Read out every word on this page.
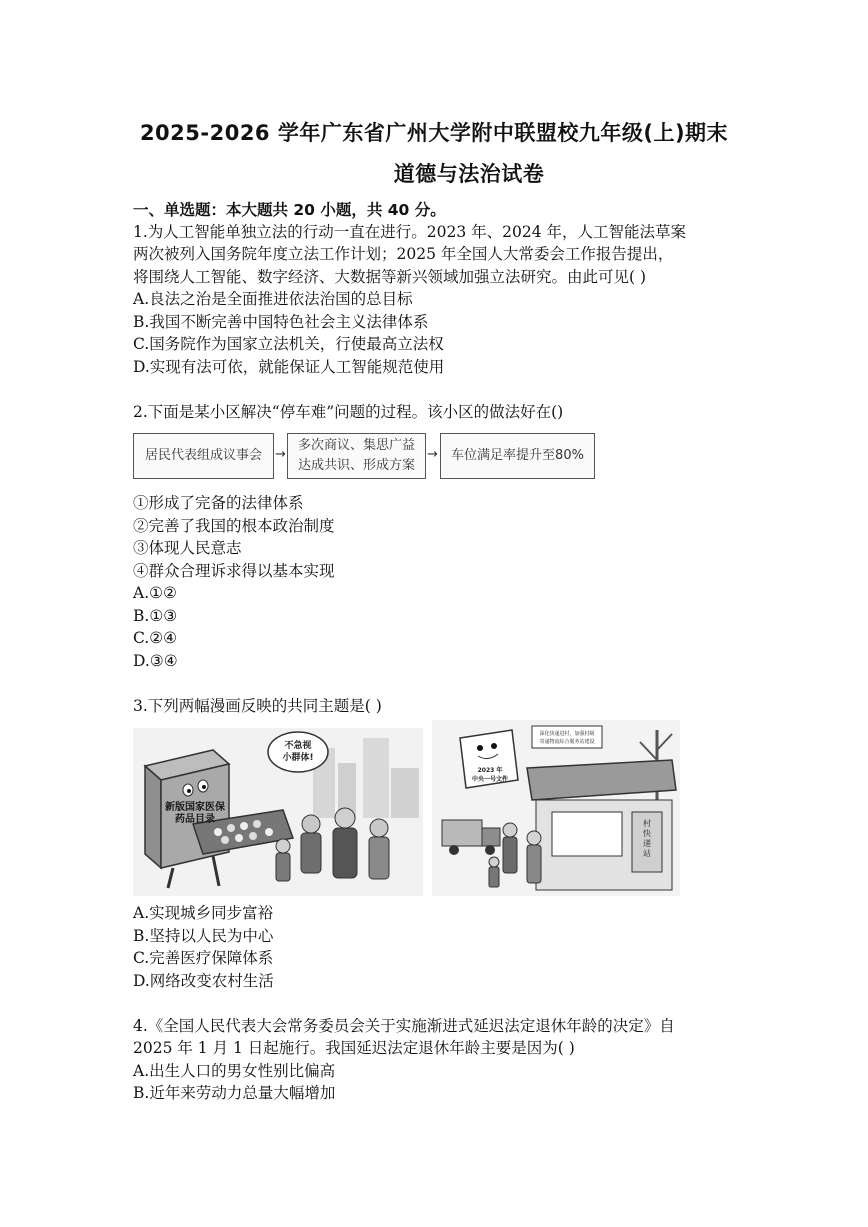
2025-2026 学年广东省广州大学附中联盟校九年级(上)期末
道德与法治试卷
一、单选题：本大题共 20 小题，共 40 分。
1.为人工智能单独立法的行动一直在进行。2023 年、2024 年，人工智能法草案
两次被列入国务院年度立法工作计划；2025 年全国人大常委会工作报告提出，
将围绕人工智能、数字经济、大数据等新兴领域加强立法研究。由此可见( )
A.良法之治是全面推进依法治国的总目标
B.我国不断完善中国特色社会主义法律体系
C.国务院作为国家立法机关，行使最高立法权
D.实现有法可依，就能保证人工智能规范使用
2.下面是某小区解决“停车难”问题的过程。该小区的做法好在()
居民代表组成议事会	→
多次商议、集思广益
达成共识、形成方案
→	车位满足率提升至80%
①形成了完备的法律体系
②完善了我国的根本政治制度
③体现人民意志
④群众合理诉求得以基本实现
A.①②
B.①③
C.②④
D.③④
3.下列两幅漫画反映的共同主题是( )
不急视
小群体!
新版国家医保
药品目录
深化快递进村，加强村级
寄递物流综合服务站建设
2023 年
中央一号文件
村快递站
A.实现城乡同步富裕
B.坚持以人民为中心
C.完善医疗保障体系
D.网络改变农村生活
4.《全国人民代表大会常务委员会关于实施渐进式延迟法定退休年龄的决定》自
2025 年 1 月 1 日起施行。我国延迟法定退休年龄主要是因为( )
A.出生人口的男女性别比偏高
B.近年来劳动力总量大幅增加
